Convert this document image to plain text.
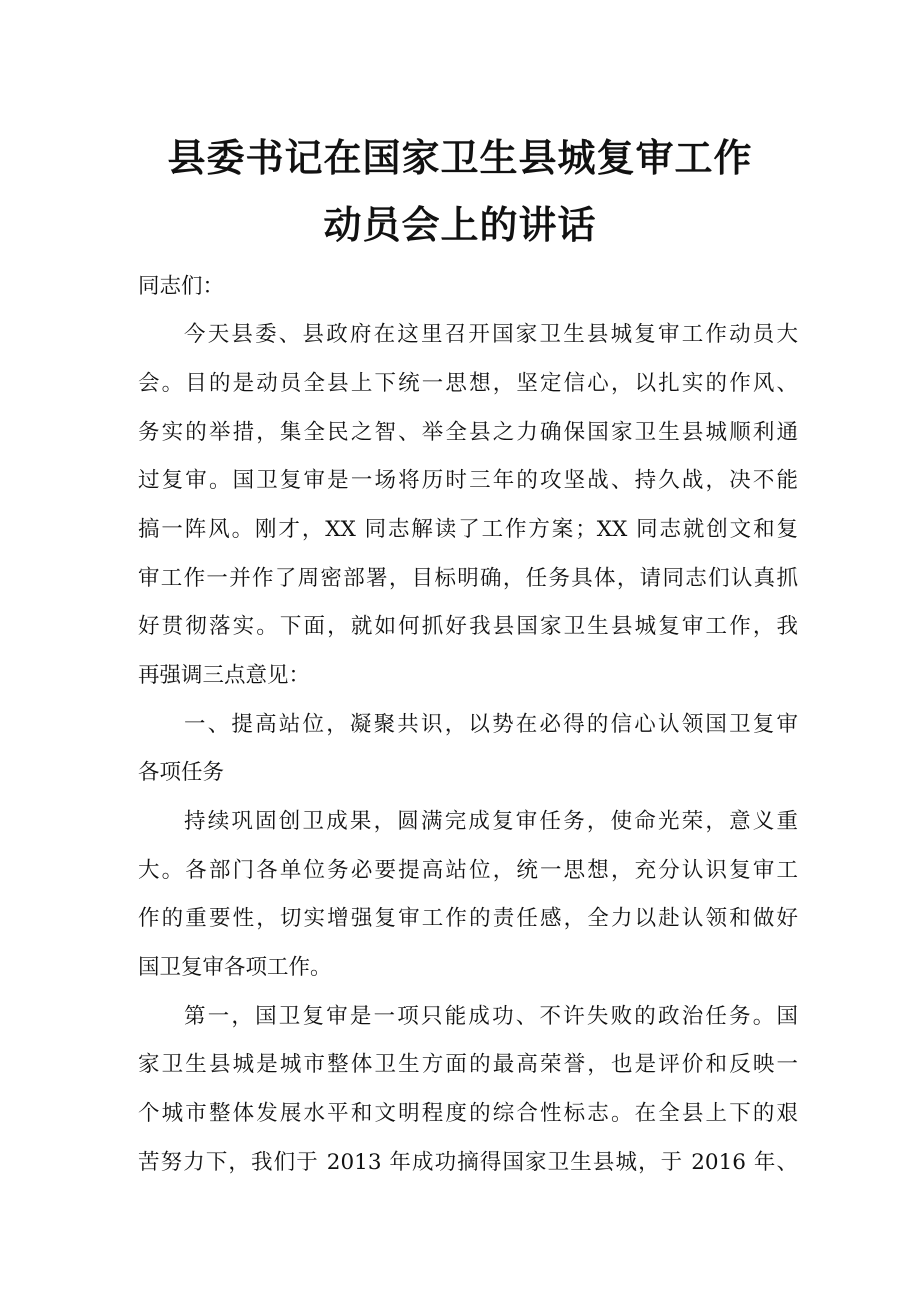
县委书记在国家卫生县城复审工作
动员会上的讲话
同志们：
今天县委、县政府在这里召开国家卫生县城复审工作动员大
会。目的是动员全县上下统一思想，坚定信心，以扎实的作风、
务实的举措，集全民之智、举全县之力确保国家卫生县城顺利通
过复审。国卫复审是一场将历时三年的攻坚战、持久战，决不能
搞一阵风。刚才，XX 同志解读了工作方案；XX 同志就创文和复
审工作一并作了周密部署，目标明确，任务具体，请同志们认真抓
好贯彻落实。下面，就如何抓好我县国家卫生县城复审工作，我
再强调三点意见：
一、提高站位，凝聚共识，以势在必得的信心认领国卫复审
各项任务
持续巩固创卫成果，圆满完成复审任务，使命光荣，意义重
大。各部门各单位务必要提高站位，统一思想，充分认识复审工
作的重要性，切实增强复审工作的责任感，全力以赴认领和做好
国卫复审各项工作。
第一，国卫复审是一项只能成功、不许失败的政治任务。国
家卫生县城是城市整体卫生方面的最高荣誉，也是评价和反映一
个城市整体发展水平和文明程度的综合性标志。在全县上下的艰
苦努力下，我们于 2013 年成功摘得国家卫生县城，于 2016 年、
